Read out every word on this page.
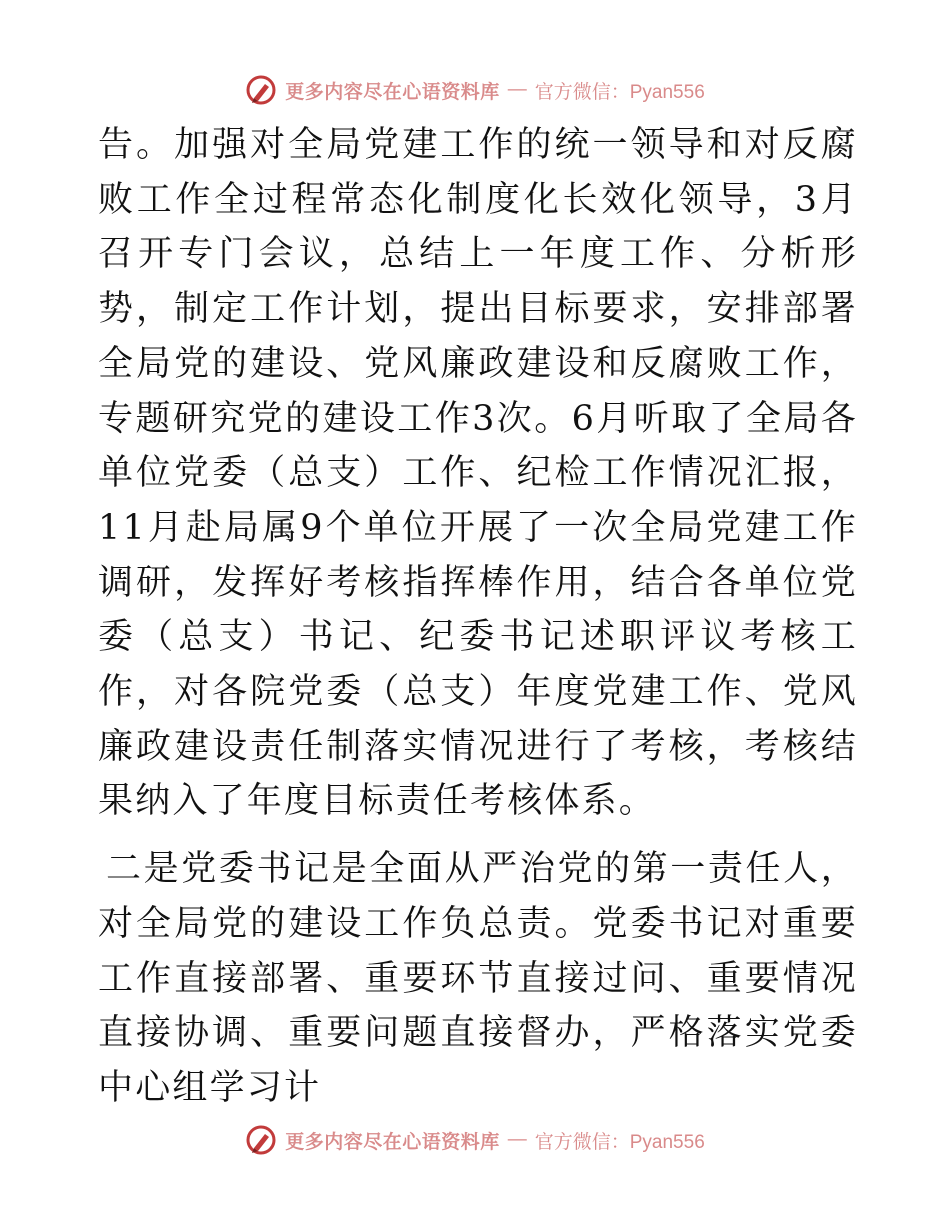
更多内容尽在心语资料库 — 官方微信：Pyan556

告。加强对全局党建工作的统一领导和对反腐败工作全过程常态化制度化长效化领导，3月召开专门会议，总结上一年度工作、分析形势，制定工作计划，提出目标要求，安排部署全局党的建设、党风廉政建设和反腐败工作，专题研究党的建设工作3次。6月听取了全局各单位党委（总支）工作、纪检工作情况汇报，11月赴局属9个单位开展了一次全局党建工作调研，发挥好考核指挥棒作用，结合各单位党委（总支）书记、纪委书记述职评议考核工作，对各院党委（总支）年度党建工作、党风廉政建设责任制落实情况进行了考核，考核结果纳入了年度目标责任考核体系。

二是党委书记是全面从严治党的第一责任人，对全局党的建设工作负总责。党委书记对重要工作直接部署、重要环节直接过问、重要情况直接协调、重要问题直接督办，严格落实党委中心组学习计

更多内容尽在心语资料库 — 官方微信：Pyan556
